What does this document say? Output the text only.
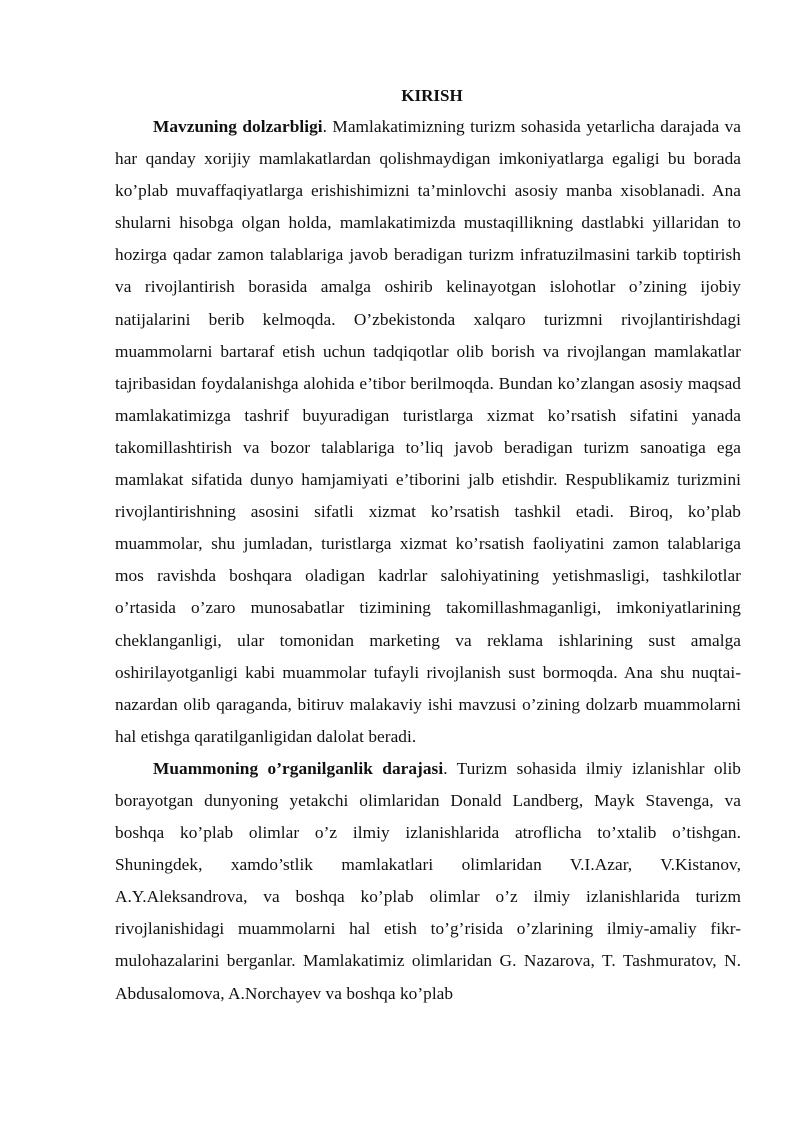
KIRISH

Mavzuning dolzarbligi. Mamlakatimizning turizm sohasida yetarlicha darajada va har qanday xorijiy mamlakatlardan qolishmaydigan imkoniyatlarga egaligi bu borada ko’plab muvaffaqiyatlarga erishishimizni ta’minlovchi asosiy manba xisoblanadi. Ana shularni hisobga olgan holda, mamlakatimizda mustaqillikning dastlabki yillaridan to hozirga qadar zamon talablariga javob beradigan turizm infratuzilmasini tarkib toptirish va rivojlantirish borasida amalga oshirib kelinayotgan islohotlar o’zining ijobiy natijalarini berib kelmoqda. O’zbekistonda xalqaro turizmni rivojlantirishdagi muammolarni bartaraf etish uchun tadqiqotlar olib borish va rivojlangan mamlakatlar tajribasidan foydalanishga alohida e’tibor berilmoqda. Bundan ko’zlangan asosiy maqsad mamlakatimizga tashrif buyuradigan turistlarga xizmat ko’rsatish sifatini yanada takomillashtirish va bozor talablariga to’liq javob beradigan turizm sanoatiga ega mamlakat sifatida dunyo hamjamiyati e’tiborini jalb etishdir. Respublikamiz turizmini rivojlantirishning asosini sifatli xizmat ko’rsatish tashkil etadi. Biroq, ko’plab muammolar, shu jumladan, turistlarga xizmat ko’rsatish faoliyatini zamon talablariga mos ravishda boshqara oladigan kadrlar salohiyatining yetishmasligi, tashkilotlar o’rtasida o’zaro munosabatlar tizimining takomillashmaganligi, imkoniyatlarining cheklanganligi, ular tomonidan marketing va reklama ishlarining sust amalga oshirilayotganligi kabi muammolar tufayli rivojlanish sust bormoqda. Ana shu nuqtai-nazardan olib qaraganda, bitiruv malakaviy ishi mavzusi o’zining dolzarb muammolarni hal etishga qaratilganligidan dalolat beradi.

Muammoning o’rganilganlik darajasi. Turizm sohasida ilmiy izlanishlar olib borayotgan dunyoning yetakchi olimlaridan Donald Landberg, Mayk Stavenga, va boshqa ko’plab olimlar o’z ilmiy izlanishlarida atroflicha to’xtalib o’tishgan. Shuningdek, xamdo’stlik mamlakatlari olimlaridan V.I.Azar, V.Kistanov, A.Y.Aleksandrova, va boshqa ko’plab olimlar o’z ilmiy izlanishlarida turizm rivojlanishidagi muammolarni hal etish to’g’risida o’zlarining ilmiy-amaliy fikr-mulohazalarini berganlar. Mamlakatimiz olimlaridan G. Nazarova, T. Tashmuratov, N. Abdusalomova, A.Norchayev va boshqa ko’plab
